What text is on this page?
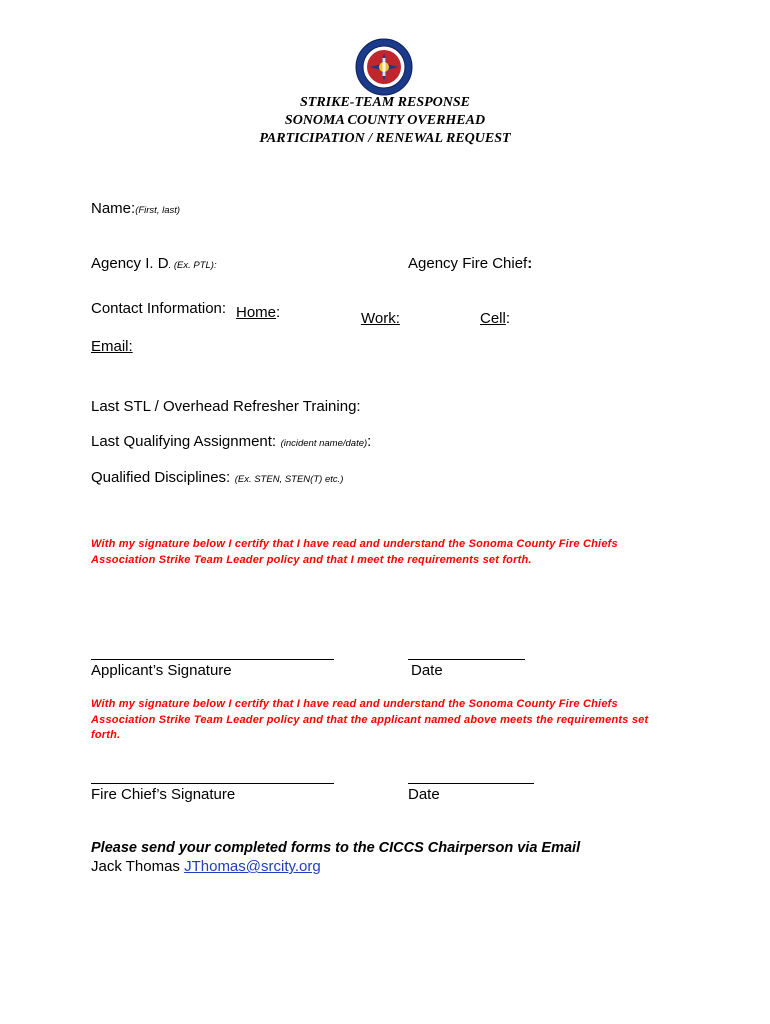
STRIKE-TEAM RESPONSE
SONOMA COUNTY OVERHEAD
PARTICIPATION / RENEWAL REQUEST
Name:(First, last)
Agency I. D. (Ex. PTL):	Agency Fire Chief:
Contact Information: Home:	Work:	Cell:
Email:
Last STL / Overhead Refresher Training:
Last Qualifying Assignment: (incident name/date):
Qualified Disciplines: (Ex. STEN, STEN(T) etc.)
With my signature below I certify that I have read and understand the Sonoma County Fire Chiefs Association Strike Team Leader policy and that I meet the requirements set forth.
Applicant’s Signature	Date
With my signature below I certify that I have read and understand the Sonoma County Fire Chiefs Association Strike Team Leader policy and that the applicant named above meets the requirements set forth.
Fire Chief’s Signature	Date
Please send your completed forms to the CICCS Chairperson via Email
Jack Thomas JThomas@srcity.org
